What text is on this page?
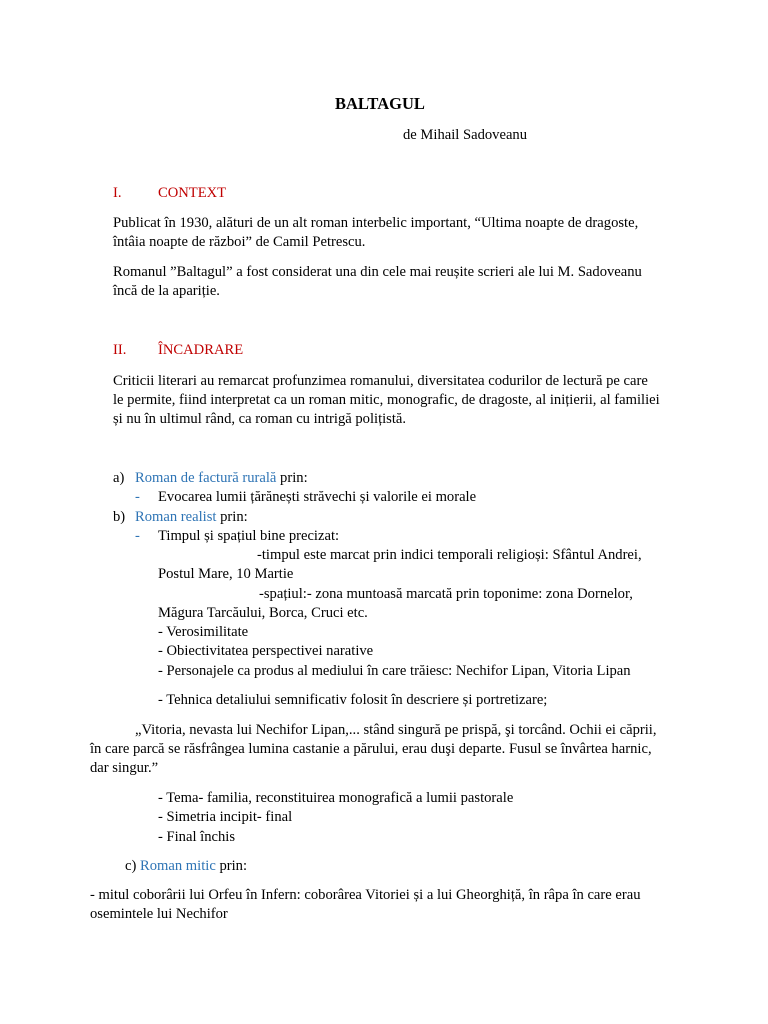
BALTAGUL
de Mihail Sadoveanu
I. CONTEXT
Publicat în 1930, alături de un alt roman interbelic important, “Ultima noapte de dragoste,
întâia noapte de război” de Camil Petrescu.
Romanul ”Baltagul” a fost considerat una din cele mai reușite scrieri ale lui M. Sadoveanu
încă de la apariție.
II. ÎNCADRARE
Criticii literari au remarcat profunzimea romanului, diversitatea codurilor de lectură pe care
le permite, fiind interpretat ca un roman mitic, monografic, de dragoste, al inițierii, al familiei
și nu în ultimul rând, ca roman cu intrigă polițistă.
a) Roman de factură rurală prin:
- Evocarea lumii țărănești străvechi și valorile ei morale
b) Roman realist prin:
- Timpul și spațiul bine precizat:
-timpul este marcat prin indici temporali religioși: Sfântul Andrei,
Postul Mare, 10 Martie
-spațiul:- zona muntoasă marcată prin toponime: zona Dornelor,
Măgura Tarcăului, Borca, Cruci etc.
- Verosimilitate
- Obiectivitatea perspectivei narative
- Personajele ca produs al mediului în care trăiesc: Nechifor Lipan, Vitoria Lipan
- Tehnica detaliului semnificativ folosit în descriere și portretizare;
„Vitoria, nevasta lui Nechifor Lipan,... stând singură pe prispă, şi torcând. Ochii ei căprii,
în care parcă se răsfrângea lumina castanie a părului, erau duşi departe. Fusul se învârtea harnic,
dar singur.”
- Tema- familia, reconstituirea monografică a lumii pastorale
- Simetria incipit- final
- Final închis
c) Roman mitic prin:
- mitul coborârii lui Orfeu în Infern: coborârea Vitoriei și a lui Gheorghiță, în râpa în care erau
osemintele lui Nechifor
